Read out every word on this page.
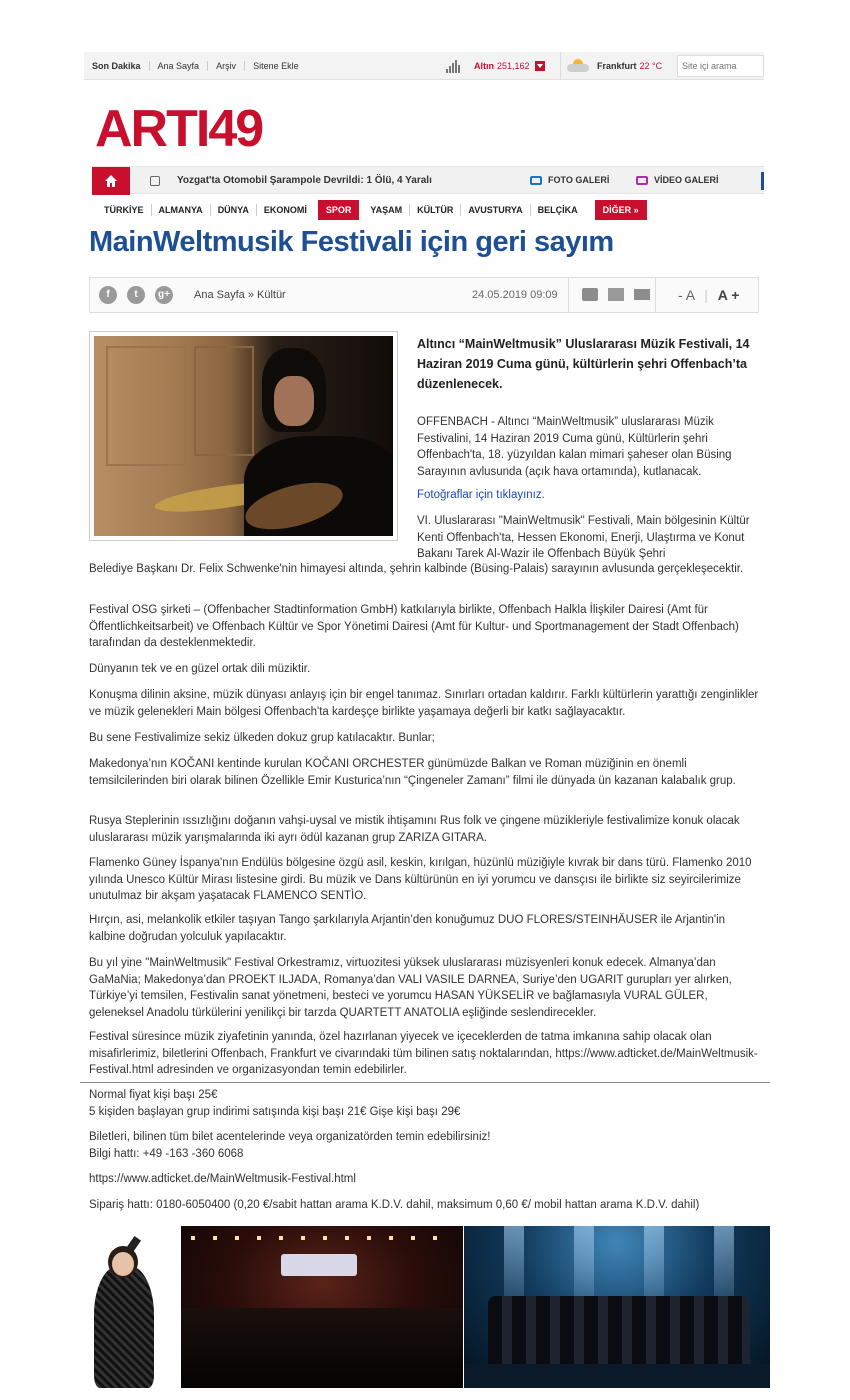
Son Dakika	Ana Sayfa	Arşiv	Sitene Ekle	Altın 251,162	Frankfurt 22 °C
Site içi arama
ARTI49
Yozgat'ta Otomobil Şarampole Devrildi: 1 Ölü, 4 Yaralı	FOTO GALERİ	VİDEO GALERİ
TÜRKİYE	ALMANYA	DÜNYA	EKONOMİ	SPOR	YAŞAM	KÜLTÜR	AVUSTURYA	BELÇİKA	DİĞER »
MainWeltmusik Festivali için geri sayım
f	t	g+ Ana Sayfa » Kültür	24.05.2019 09:09	- A | A +

Altıncı “MainWeltmusik” Uluslararası Müzik Festivali, 14 Haziran 2019 Cuma günü, kültürlerin şehri Offenbach’ta düzenlenecek.

OFFENBACH - Altıncı “MainWeltmusik” uluslararası Müzik Festivalini, 14 Haziran 2019 Cuma günü, Kültürlerin şehri Offenbach'ta, 18. yüzyıldan kalan mimari şaheser olan Büsing Sarayının avlusunda (açık hava ortamında), kutlanacak.

Fotoğraflar için tıklayınız.

VI. Uluslararası "MainWeltmusik" Festivali, Main bölgesinin Kültür Kenti Offenbach'ta, Hessen Ekonomi, Enerji, Ulaştırma ve Konut Bakanı Tarek Al-Wazir ile Offenbach Büyük Şehri

Belediye Başkanı Dr. Felix Schwenke'nin himayesi altında, şehrin kalbinde (Büsing-Palais) sarayının avlusunda gerçekleşecektir.

Festival OSG şirketi – (Offenbacher Stadtinformation GmbH) katkılarıyla birlikte, Offenbach Halkla İlişkiler Dairesi (Amt für Öffentlichkeitsarbeit) ve Offenbach Kültür ve Spor Yönetimi Dairesi (Amt für Kultur- und Sportmanagement der Stadt Offenbach) tarafından da desteklenmektedir.

Dünyanın tek ve en güzel ortak dili müziktir.

Konuşma dilinin aksine, müzik dünyası anlayış için bir engel tanımaz. Sınırları ortadan kaldırır. Farklı kültürlerin yarattığı zenginlikler ve müzik gelenekleri Main bölgesi Offenbach'ta kardeşçe birlikte yaşamaya değerli bir katkı sağlayacaktır.

Bu sene Festivalimize sekiz ülkeden dokuz grup katılacaktır. Bunlar;

Makedonya’nın KOČANI kentinde kurulan KOČANI ORCHESTER günümüzde Balkan ve Roman müziğinin en önemli temsilcilerinden biri olarak bilinen Özellikle Emir Kusturica’nın “Çingeneler Zamanı” filmi ile dünyada ün kazanan kalabalık grup.

Rusya Steplerinin ıssızlığını doğanın vahşi-uysal ve mistik ihtişamını Rus folk ve çingene müzikleriyle festivalimize konuk olacak uluslararası müzik yarışmalarında iki ayrı ödül kazanan grup ZARIZA GITARA.

Flamenko Güney İspanya'nın Endülüs bölgesine özgü asil, keskin, kırılgan, hüzünlü müziğiyle kıvrak bir dans türü. Flamenko 2010 yılında Unesco Kültür Mirası listesine girdi. Bu müzik ve Dans kültürünün en iyi yorumcu ve dansçısı ile birlikte siz seyircilerimize unutulmaz bir akşam yaşatacak FLAMENCO SENTÌO.

Hırçın, asi, melankolik etkiler taşıyan Tango şarkılarıyla Arjantin’den konuğumuz DUO FLORES/STEINHÄUSER ile Arjantin'in kalbine doğrudan yolculuk yapılacaktır.

Bu yıl yine "MainWeltmusik" Festival Orkestramız, virtuozitesi yüksek uluslararası müzisyenleri konuk edecek. Almanya’dan GaMaNia; Makedonya’dan PROEKT ILJADA, Romanya’dan VALI VASILE DARNEA, Suriye’den UGARIT gurupları yer alırken, Türkiye’yi temsilen, Festivalin sanat yönetmeni, besteci ve yorumcu HASAN YÜKSELİR ve bağlamasıyla VURAL GÜLER, geleneksel Anadolu türkülerini yenilikçi bir tarzda QUARTETT ANATOLIA eşliğinde seslendirecekler.

Festival süresince müzik ziyafetinin yanında, özel hazırlanan yiyecek ve içeceklerden de tatma imkanına sahip olacak olan misafirlerimiz, biletlerini Offenbach, Frankfurt ve civarındaki tüm bilinen satış noktalarından, https://www.adticket.de/MainWeltmusik-Festival.html adresinden ve organizasyondan temin edebilirler.

Normal fiyat kişi başı 25€
5 kişiden başlayan grup indirimi satışında kişi başı 21€ Gişe kişi başı 29€

Biletleri, bilinen tüm bilet acentelerinde veya organizatörden temin edebilirsiniz!
Bilgi hattı: +49 -163 -360 6068

https://www.adticket.de/MainWeltmusik-Festival.html

Sipariş hattı: 0180-6050400 (0,20 €/sabit hattan arama K.D.V. dahil, maksimum 0,60 €/ mobil hattan arama K.D.V. dahil)
